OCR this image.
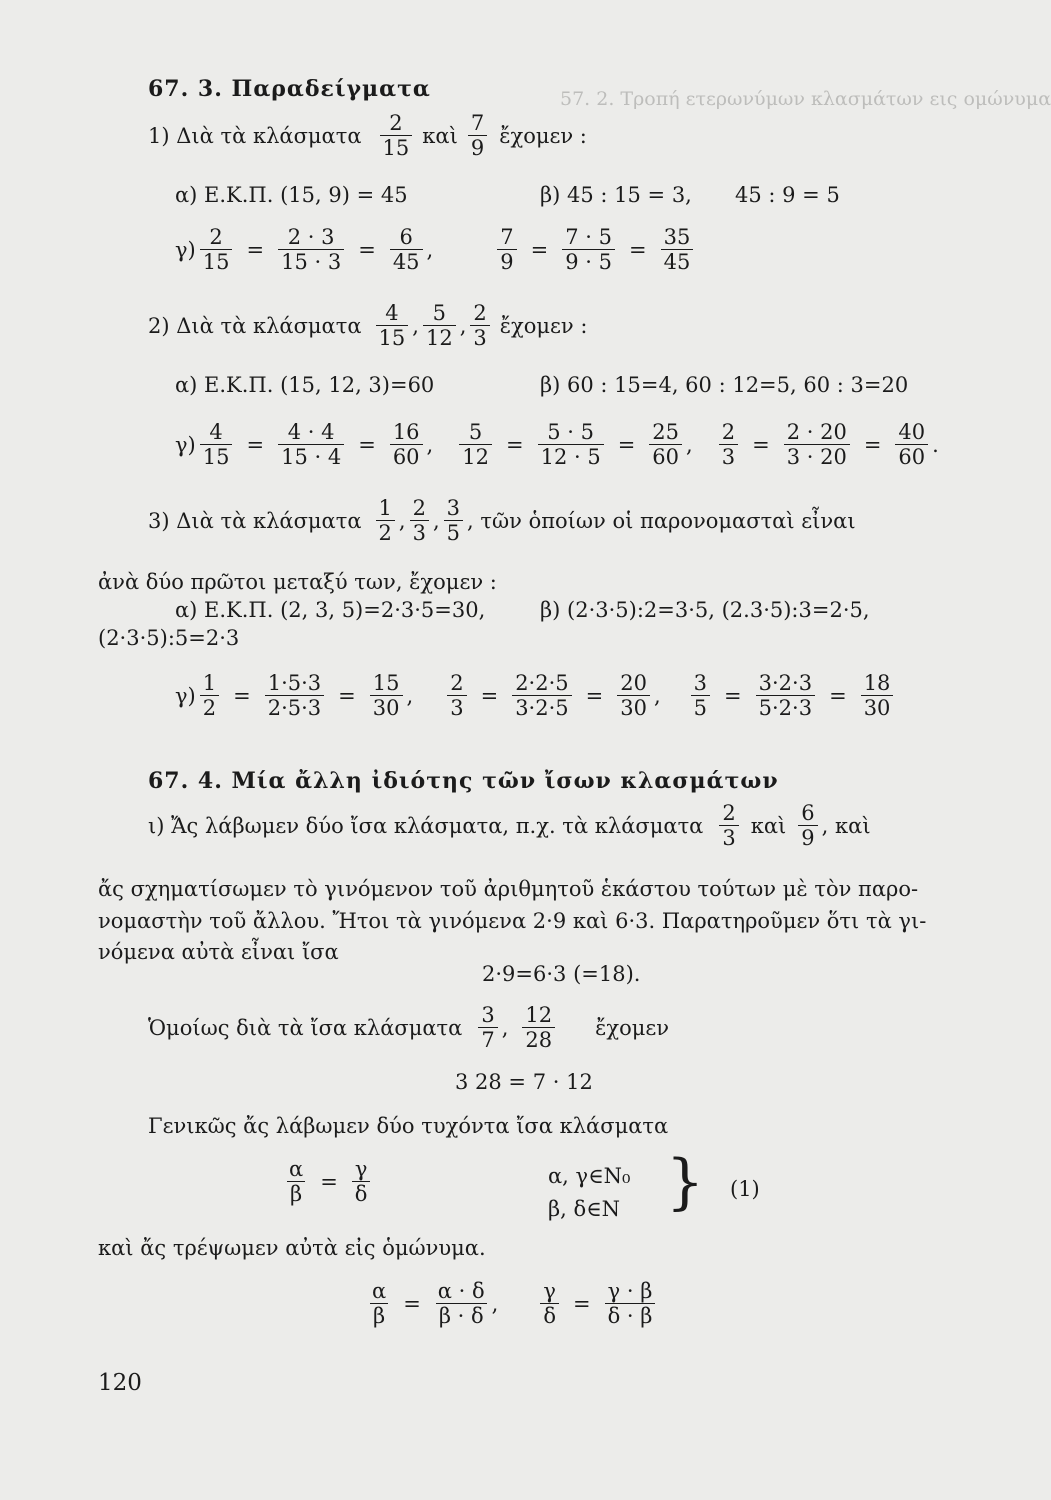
57. 2. Τροπή ετερωνύμων κλασμάτων εις ομώνυμα
67. 3. Παραδείγματα
1) Διὰ τὰ κλάσματα $\frac{2}{15}$ καὶ $\frac{7}{9}$ ἔχομεν :
α) Ε.Κ.Π. (15, 9) = 45	β) 45 : 15 = 3, 45 : 9 = 5
$\gamma) \frac{2}{15} = \frac{2 \cdot 3}{15 \cdot 3} = \frac{6}{45}$ ,	$\frac{7}{9} = \frac{7 \cdot 5}{9 \cdot 5} = \frac{35}{45}$
2) Διὰ τὰ κλάσματα $\frac{4}{15}$ , $\frac{5}{12}$ , $\frac{2}{3}$ ἔχομεν :
α) Ε.Κ.Π. (15, 12, 3)=60	β) 60 : 15=4, 60 : 12=5, 60 : 3=20
$\gamma) \frac{4}{15} = \frac{4 \cdot 4}{15 \cdot 4} = \frac{16}{60}$ , $\frac{5}{12} = \frac{5 \cdot 5}{12 \cdot 5} = \frac{25}{60}$ , $\frac{2}{3} = \frac{2 \cdot 20}{3 \cdot 20} = \frac{40}{60}$ .
3) Διὰ τὰ κλάσματα $\frac{1}{2}$ , $\frac{2}{3}$ , $\frac{3}{5}$ , τῶν ὁποίων οἱ παρονομασταὶ εἶναι
ἀνὰ δύο πρῶτοι μεταξύ των, ἔχομεν :
α) Ε.Κ.Π. (2, 3, 5)=2·3·5=30,	β) (2·3·5):2=3·5, (2.3·5):3=2·5,
(2·3·5):5=2·3
$\gamma) \frac{1}{2} = \frac{1\cdot 5\cdot 3}{2\cdot 5\cdot 3} = \frac{15}{30}$ , $\frac{2}{3} = \frac{2\cdot 2\cdot 5}{3\cdot 2\cdot 5} = \frac{20}{30}$ , $\frac{3}{5} = \frac{3\cdot 2\cdot 3}{5\cdot 2\cdot 3} = \frac{18}{30}$
67. 4. Μία ἄλλη ἰδιότης τῶν ἴσων κλασμάτων
ι) Ἄς λάβωμεν δύο ἴσα κλάσματα, π.χ. τὰ κλάσματα $\frac{2}{3}$ καὶ $\frac{6}{9}$ , καὶ
ἄς σχηματίσωμεν τὸ γινόμενον τοῦ ἀριθμητοῦ ἑκάστου τούτων μὲ τὸν παρο-
νομαστὴν τοῦ ἄλλου. Ἤτοι τὰ γινόμενα 2·9 καὶ 6·3. Παρατηροῦμεν ὅτι τὰ γι-
νόμενα αὐτὰ εἶναι ἴσα
2·9=6·3 (=18).
Ὁμοίως διὰ τὰ ἴσα κλάσματα $\frac{3}{7}$ , $\frac{12}{28}$ ἔχομεν
3 28 = 7 · 12
Γενικῶς ἄς λάβωμεν δύο τυχόντα ἴσα κλάσματα
$\frac{\alpha}{\beta} = \frac{\gamma}{\delta}$	α, γ∈N₀
β, δ∈N } (1)
καὶ ἄς τρέψωμεν αὐτὰ εἰς ὁμώνυμα.
$\frac{\alpha}{\beta} = \frac{\alpha \cdot \delta}{\beta \cdot \delta}$ , $\frac{\gamma}{\delta} = \frac{\gamma \cdot \beta}{\delta \cdot \beta}$
120
